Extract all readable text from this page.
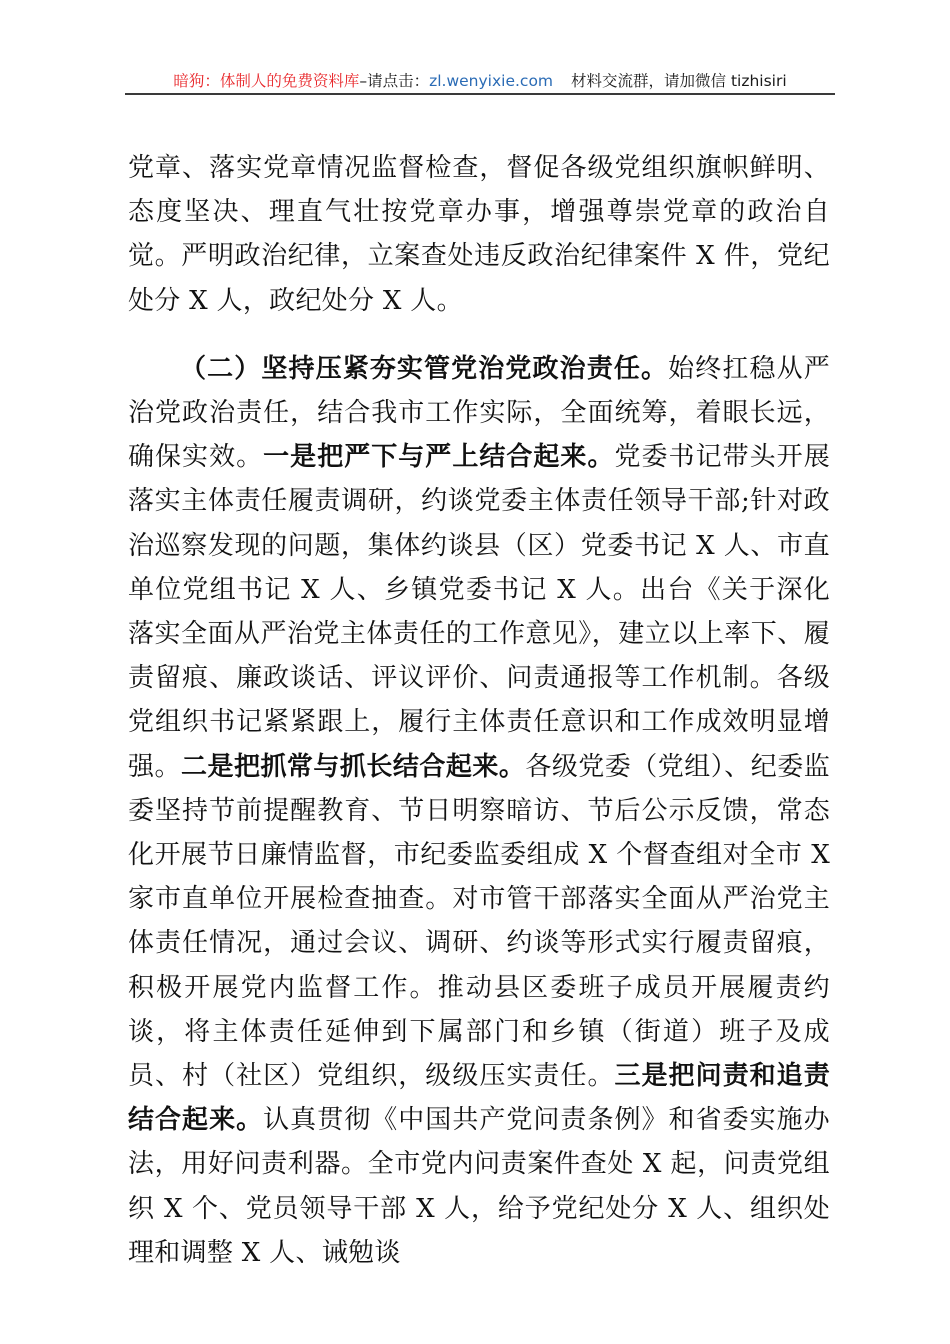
暗狗：体制人的免费资料库–请点击：zl.wenyixie.com 材料交流群，请加微信 tizhisiri

党章、落实党章情况监督检查，督促各级党组织旗帜鲜明、态度坚决、理直气壮按党章办事，增强尊崇党章的政治自觉。严明政治纪律，立案查处违反政治纪律案件 X 件，党纪处分 X 人，政纪处分 X 人。

（二）坚持压紧夯实管党治党政治责任。始终扛稳从严治党政治责任，结合我市工作实际，全面统筹，着眼长远，确保实效。一是把严下与严上结合起来。党委书记带头开展落实主体责任履责调研，约谈党委主体责任领导干部;针对政治巡察发现的问题，集体约谈县（区）党委书记 X 人、市直单位党组书记 X 人、乡镇党委书记 X 人。出台《关于深化落实全面从严治党主体责任的工作意见》，建立以上率下、履责留痕、廉政谈话、评议评价、问责通报等工作机制。各级党组织书记紧紧跟上，履行主体责任意识和工作成效明显增强。二是把抓常与抓长结合起来。各级党委（党组）、纪委监委坚持节前提醒教育、节日明察暗访、节后公示反馈，常态化开展节日廉情监督，市纪委监委组成 X 个督查组对全市 X 家市直单位开展检查抽查。对市管干部落实全面从严治党主体责任情况，通过会议、调研、约谈等形式实行履责留痕，积极开展党内监督工作。推动县区委班子成员开展履责约谈，将主体责任延伸到下属部门和乡镇（街道）班子及成员、村（社区）党组织，级级压实责任。三是把问责和追责结合起来。认真贯彻《中国共产党问责条例》和省委实施办法，用好问责利器。全市党内问责案件查处 X 起，问责党组织 X 个、党员领导干部 X 人，给予党纪处分 X 人、组织处理和调整 X 人、诫勉谈
